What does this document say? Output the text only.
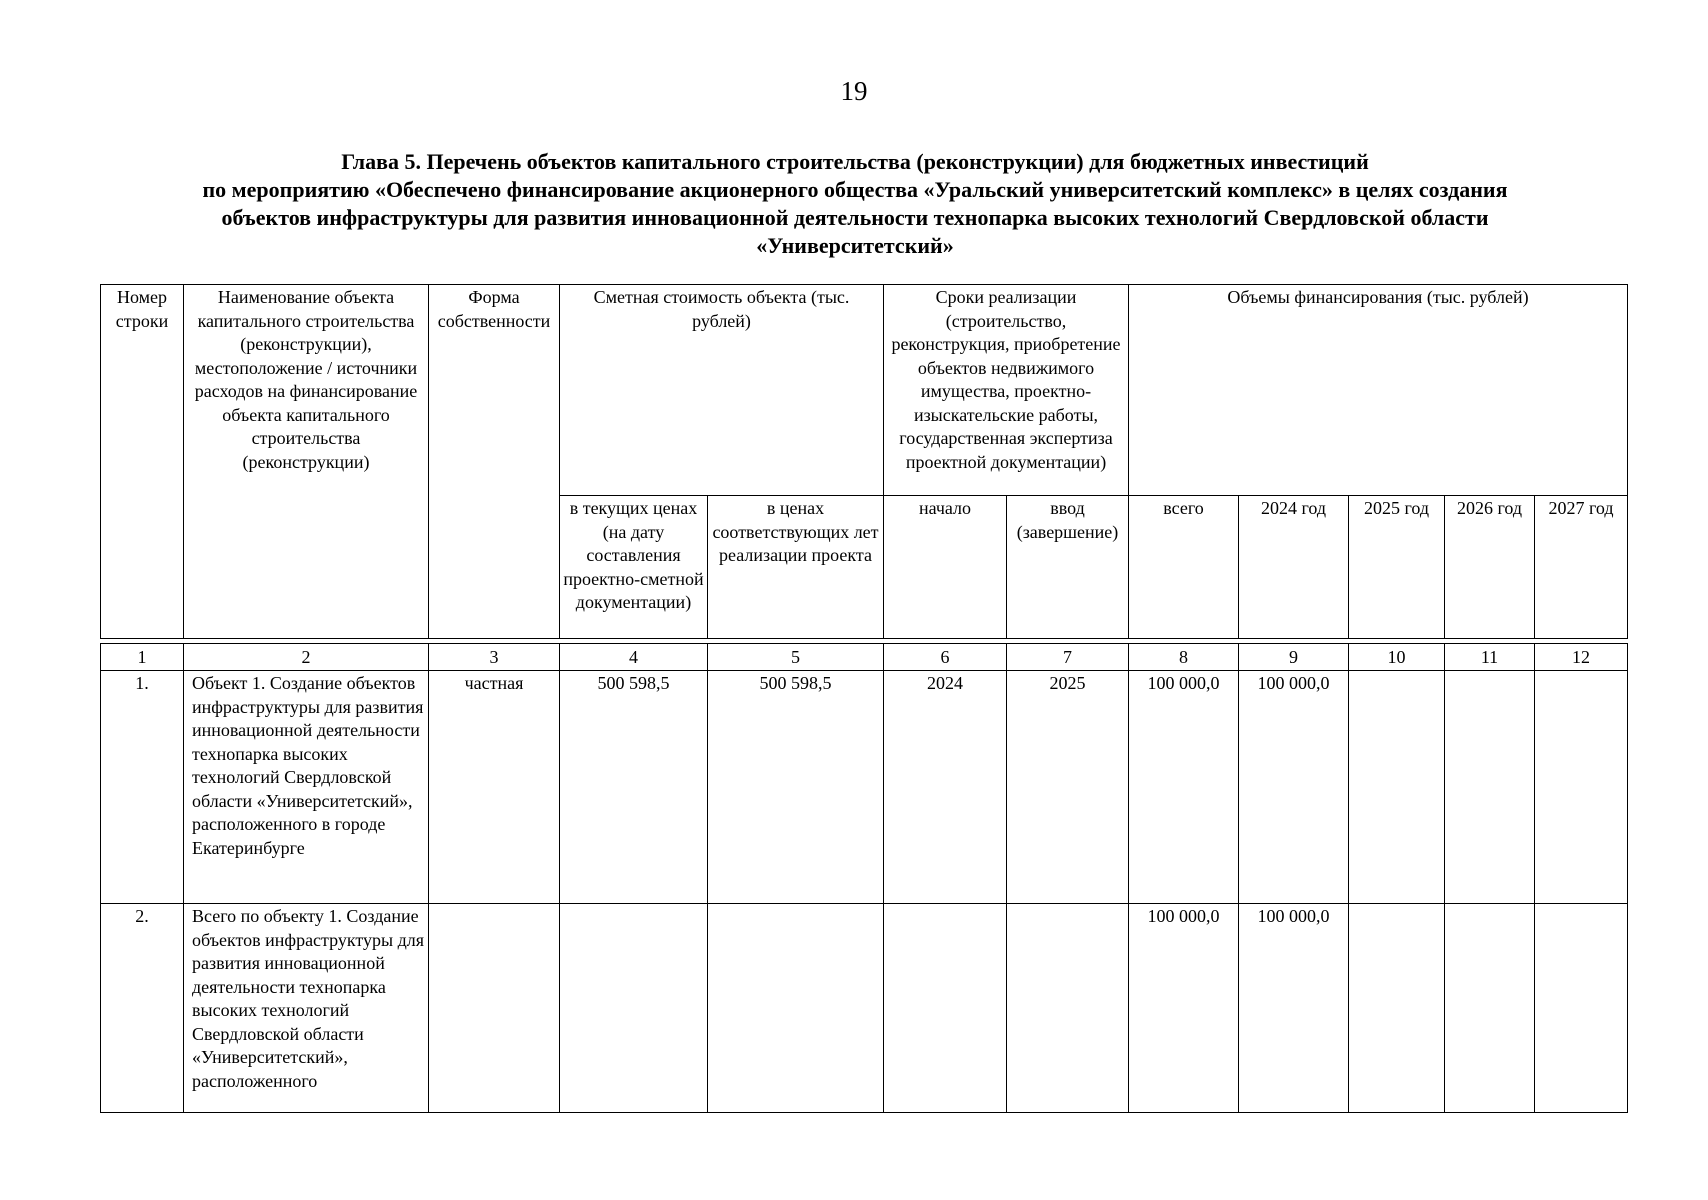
19
Глава 5. Перечень объектов капитального строительства (реконструкции) для бюджетных инвестиций
по мероприятию «Обеспечено финансирование акционерного общества «Уральский университетский комплекс» в целях создания
объектов инфраструктуры для развития инновационной деятельности технопарка высоких технологий Свердловской области
«Университетский»
Номер строки	Наименование объекта капитального строительства (реконструкции), местоположение / источники расходов на финансирование объекта капитального строительства (реконструкции)	Форма собственности	Сметная стоимость объекта (тыс. рублей)		Сроки реализации (строительство, реконструкция, приобретение объектов недвижимого имущества, проектно-изыскательские работы, государственная экспертиза проектной документации)		Объемы финансирования (тыс. рублей)				
			в текущих ценах (на дату составления проектно-сметной документации)	в ценах соответствующих лет реализации проекта	начало	ввод (завершение)	всего	2024 год	2025 год	2026 год	2027 год

1	2	3	4	5	6	7	8	9	10	11	12
1.	Объект 1. Создание объектов инфраструктуры для развития инновационной деятельности технопарка высоких технологий Свердловской области «Университетский», расположенного в городе Екатеринбурге	частная	500 598,5	500 598,5	2024	2025	100 000,0	100 000,0			
2.	Всего по объекту 1. Создание объектов инфраструктуры для развития инновационной деятельности технопарка высоких технологий Свердловской области «Университетский», расположенного						100 000,0	100 000,0			
